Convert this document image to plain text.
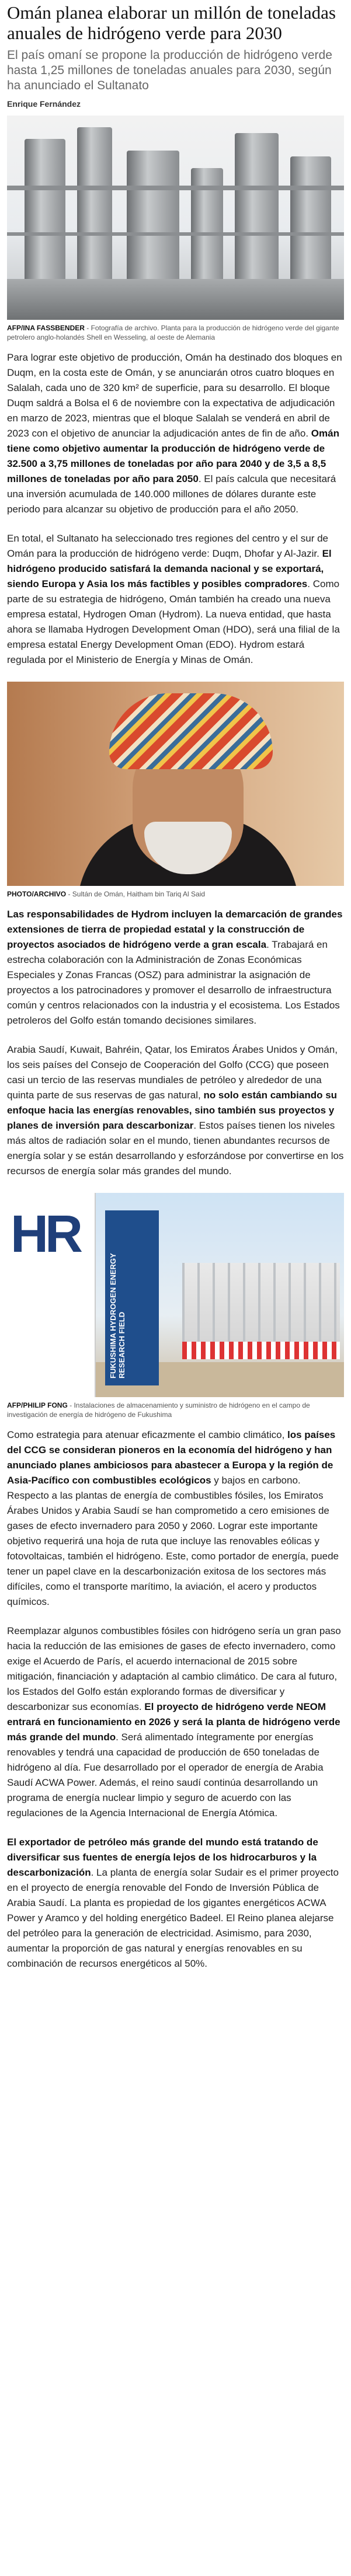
Omán planea elaborar un millón de toneladas anuales de hidrógeno verde para 2030
El país omaní se propone la producción de hidrógeno verde hasta 1,25 millones de toneladas anuales para 2030, según ha anunciado el Sultanato
Enrique Fernández
AFP/INA FASSBENDER - Fotografía de archivo. Planta para la producción de hidrógeno verde del gigante petrolero anglo-holandés Shell en Wesseling, al oeste de Alemania

Para lograr este objetivo de producción, Omán ha destinado dos bloques en Duqm, en la costa este de Omán, y se anunciarán otros cuatro bloques en Salalah, cada uno de 320 km² de superficie, para su desarrollo. El bloque Duqm saldrá a Bolsa el 6 de noviembre con la expectativa de adjudicación en marzo de 2023, mientras que el bloque Salalah se venderá en abril de 2023 con el objetivo de anunciar la adjudicación antes de fin de año. Omán tiene como objetivo aumentar la producción de hidrógeno verde de 32.500 a 3,75 millones de toneladas por año para 2040 y de 3,5 a 8,5 millones de toneladas por año para 2050. El país calcula que necesitará una inversión acumulada de 140.000 millones de dólares durante este periodo para alcanzar su objetivo de producción para el año 2050.

En total, el Sultanato ha seleccionado tres regiones del centro y el sur de Omán para la producción de hidrógeno verde: Duqm, Dhofar y Al-Jazir. El hidrógeno producido satisfará la demanda nacional y se exportará, siendo Europa y Asia los más factibles y posibles compradores. Como parte de su estrategia de hidrógeno, Omán también ha creado una nueva empresa estatal, Hydrogen Oman (Hydrom). La nueva entidad, que hasta ahora se llamaba Hydrogen Development Oman (HDO), será una filial de la empresa estatal Energy Development Oman (EDO). Hydrom estará regulada por el Ministerio de Energía y Minas de Omán.

PHOTO/ARCHIVO - Sultán de Omán, Haitham bin Tariq Al Said

Las responsabilidades de Hydrom incluyen la demarcación de grandes extensiones de tierra de propiedad estatal y la construcción de proyectos asociados de hidrógeno verde a gran escala. Trabajará en estrecha colaboración con la Administración de Zonas Económicas Especiales y Zonas Francas (OSZ) para administrar la asignación de proyectos a los patrocinadores y promover el desarrollo de infraestructura común y centros relacionados con la industria y el ecosistema. Los Estados petroleros del Golfo están tomando decisiones similares.

Arabia Saudí, Kuwait, Bahréin, Qatar, los Emiratos Árabes Unidos y Omán, los seis países del Consejo de Cooperación del Golfo (CCG) que poseen casi un tercio de las reservas mundiales de petróleo y alrededor de una quinta parte de sus reservas de gas natural, no solo están cambiando su enfoque hacia las energías renovables, sino también sus proyectos y planes de inversión para descarbonizar. Estos países tienen los niveles más altos de radiación solar en el mundo, tienen abundantes recursos de energía solar y se están desarrollando y esforzándose por convertirse en los recursos de energía solar más grandes del mundo.

HR
FUKUSHIMA HYDROGEN ENERGY RESEARCH FIELD
AFP/PHILIP FONG - Instalaciones de almacenamiento y suministro de hidrógeno en el campo de investigación de energía de hidrógeno de Fukushima

Como estrategia para atenuar eficazmente el cambio climático, los países del CCG se consideran pioneros en la economía del hidrógeno y han anunciado planes ambiciosos para abastecer a Europa y la región de Asia-Pacífico con combustibles ecológicos y bajos en carbono. Respecto a las plantas de energía de combustibles fósiles, los Emiratos Árabes Unidos y Arabia Saudí se han comprometido a cero emisiones de gases de efecto invernadero para 2050 y 2060. Lograr este importante objetivo requerirá una hoja de ruta que incluye las renovables eólicas y fotovoltaicas, también el hidrógeno. Este, como portador de energía, puede tener un papel clave en la descarbonización exitosa de los sectores más difíciles, como el transporte marítimo, la aviación, el acero y productos químicos.

Reemplazar algunos combustibles fósiles con hidrógeno sería un gran paso hacia la reducción de las emisiones de gases de efecto invernadero, como exige el Acuerdo de París, el acuerdo internacional de 2015 sobre mitigación, financiación y adaptación al cambio climático. De cara al futuro, los Estados del Golfo están explorando formas de diversificar y descarbonizar sus economías. El proyecto de hidrógeno verde NEOM entrará en funcionamiento en 2026 y será la planta de hidrógeno verde más grande del mundo. Será alimentado íntegramente por energías renovables y tendrá una capacidad de producción de 650 toneladas de hidrógeno al día. Fue desarrollado por el operador de energía de Arabia Saudí ACWA Power. Además, el reino saudí continúa desarrollando un programa de energía nuclear limpio y seguro de acuerdo con las regulaciones de la Agencia Internacional de Energía Atómica.

El exportador de petróleo más grande del mundo está tratando de diversificar sus fuentes de energía lejos de los hidrocarburos y la descarbonización. La planta de energía solar Sudair es el primer proyecto en el proyecto de energía renovable del Fondo de Inversión Pública de Arabia Saudí. La planta es propiedad de los gigantes energéticos ACWA Power y Aramco y del holding energético Badeel. El Reino planea alejarse del petróleo para la generación de electricidad. Asimismo, para 2030, aumentar la proporción de gas natural y energías renovables en su combinación de recursos energéticos al 50%.
